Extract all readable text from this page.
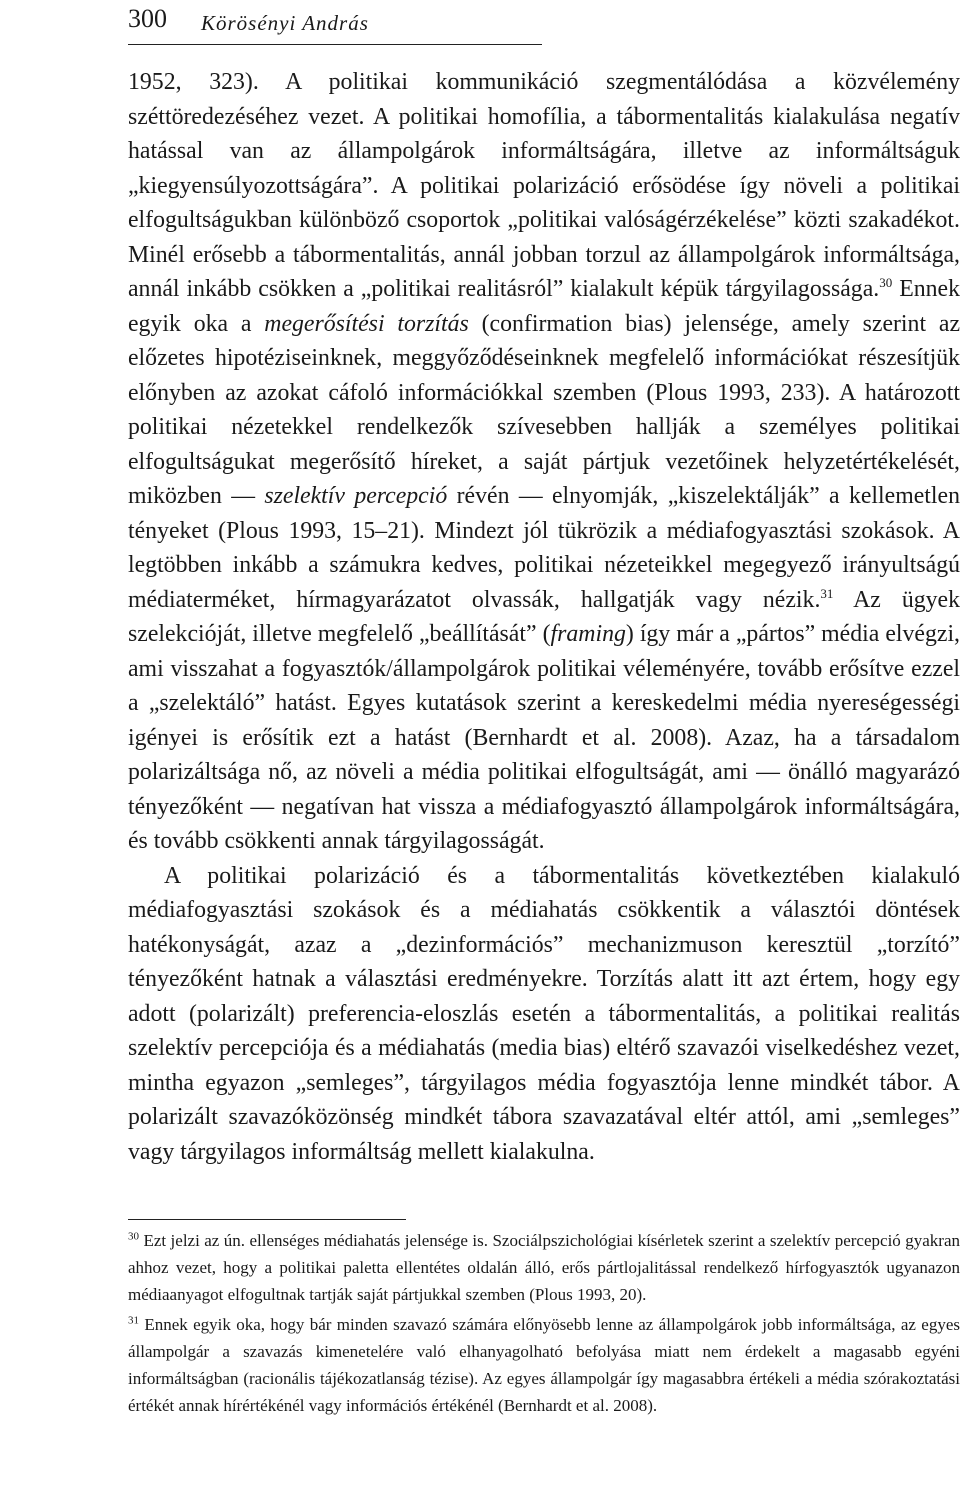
300 Körösényi András

1952, 323). A politikai kommunikáció szegmentálódása a közvélemény széttöredezéséhez vezet. A politikai homofília, a tábormentalitás kialakulása negatív hatással van az állampolgárok informáltságára, illetve az informáltságuk „kiegyensúlyozottságára”. A politikai polarizáció erősödése így növeli a politikai elfogultságukban különböző csoportok „politikai valóságérzékelése” közti szakadékot. Minél erősebb a tábormentalitás, annál jobban torzul az állampolgárok informáltsága, annál inkább csökken a „politikai realitásról” kialakult képük tárgyilagossága.$^{30}$ Ennek egyik oka a megerősítési torzítás (confirmation bias) jelensége, amely szerint az előzetes hipotéziseinknek, meggyőződéseinknek megfelelő információkat részesítjük előnyben az azokat cáfoló információkkal szemben (Plous 1993, 233). A határozott politikai nézetekkel rendelkezők szívesebben hallják a személyes politikai elfogultságukat megerősítő híreket, a saját pártjuk vezetőinek helyzetértékelését, miközben — szelektív percepció révén — elnyomják, „kiszelektálják” a kellemetlen tényeket (Plous 1993, 15–21). Mindezt jól tükrözik a médiafogyasztási szokások. A legtöbben inkább a számukra kedves, politikai nézeteikkel megegyező irányultságú médiaterméket, hírmagyarázatot olvassák, hallgatják vagy nézik.$^{31}$ Az ügyek szelekcióját, illetve megfelelő „beállítását” (framing) így már a „pártos” média elvégzi, ami visszahat a fogyasztók/állampolgárok politikai véleményére, tovább erősítve ezzel a „szelektáló” hatást. Egyes kutatások szerint a kereskedelmi média nyereségességi igényei is erősítik ezt a hatást (Bernhardt et al. 2008). Azaz, ha a társadalom polarizáltsága nő, az növeli a média politikai elfogultságát, ami — önálló magyarázó tényezőként — negatívan hat vissza a médiafogyasztó állampolgárok informáltságára, és tovább csökkenti annak tárgyilagosságát.

A politikai polarizáció és a tábormentalitás következtében kialakuló médiafogyasztási szokások és a médiahatás csökkentik a választói döntések hatékonyságát, azaz a „dezinformációs” mechanizmuson keresztül „torzító” tényezőként hatnak a választási eredményekre. Torzítás alatt itt azt értem, hogy egy adott (polarizált) preferencia-eloszlás esetén a tábormentalitás, a politikai realitás szelektív percepciója és a médiahatás (media bias) eltérő szavazói viselkedéshez vezet, mintha egyazon „semleges”, tárgyilagos média fogyasztója lenne mindkét tábor. A polarizált szavazóközönség mindkét tábora szavazatával eltér attól, ami „semleges” vagy tárgyilagos informáltság mellett kialakulna.

$^{30}$ Ezt jelzi az ún. ellenséges médiahatás jelensége is. Szociálpszichológiai kísérletek szerint a szelektív percepció gyakran ahhoz vezet, hogy a politikai paletta ellentétes oldalán álló, erős pártlojalitással rendelkező hírfogyasztók ugyanazon médiaanyagot elfogultnak tartják saját pártjukkal szemben (Plous 1993, 20).

$^{31}$ Ennek egyik oka, hogy bár minden szavazó számára előnyösebb lenne az állampolgárok jobb informáltsága, az egyes állampolgár a szavazás kimenetelére való elhanyagolható befolyása miatt nem érdekelt a magasabb egyéni informáltságban (racionális tájékozatlanság tézise). Az egyes állampolgár így magasabbra értékeli a média szórakoztatási értékét annak hírértékénél vagy információs értékénél (Bernhardt et al. 2008).
